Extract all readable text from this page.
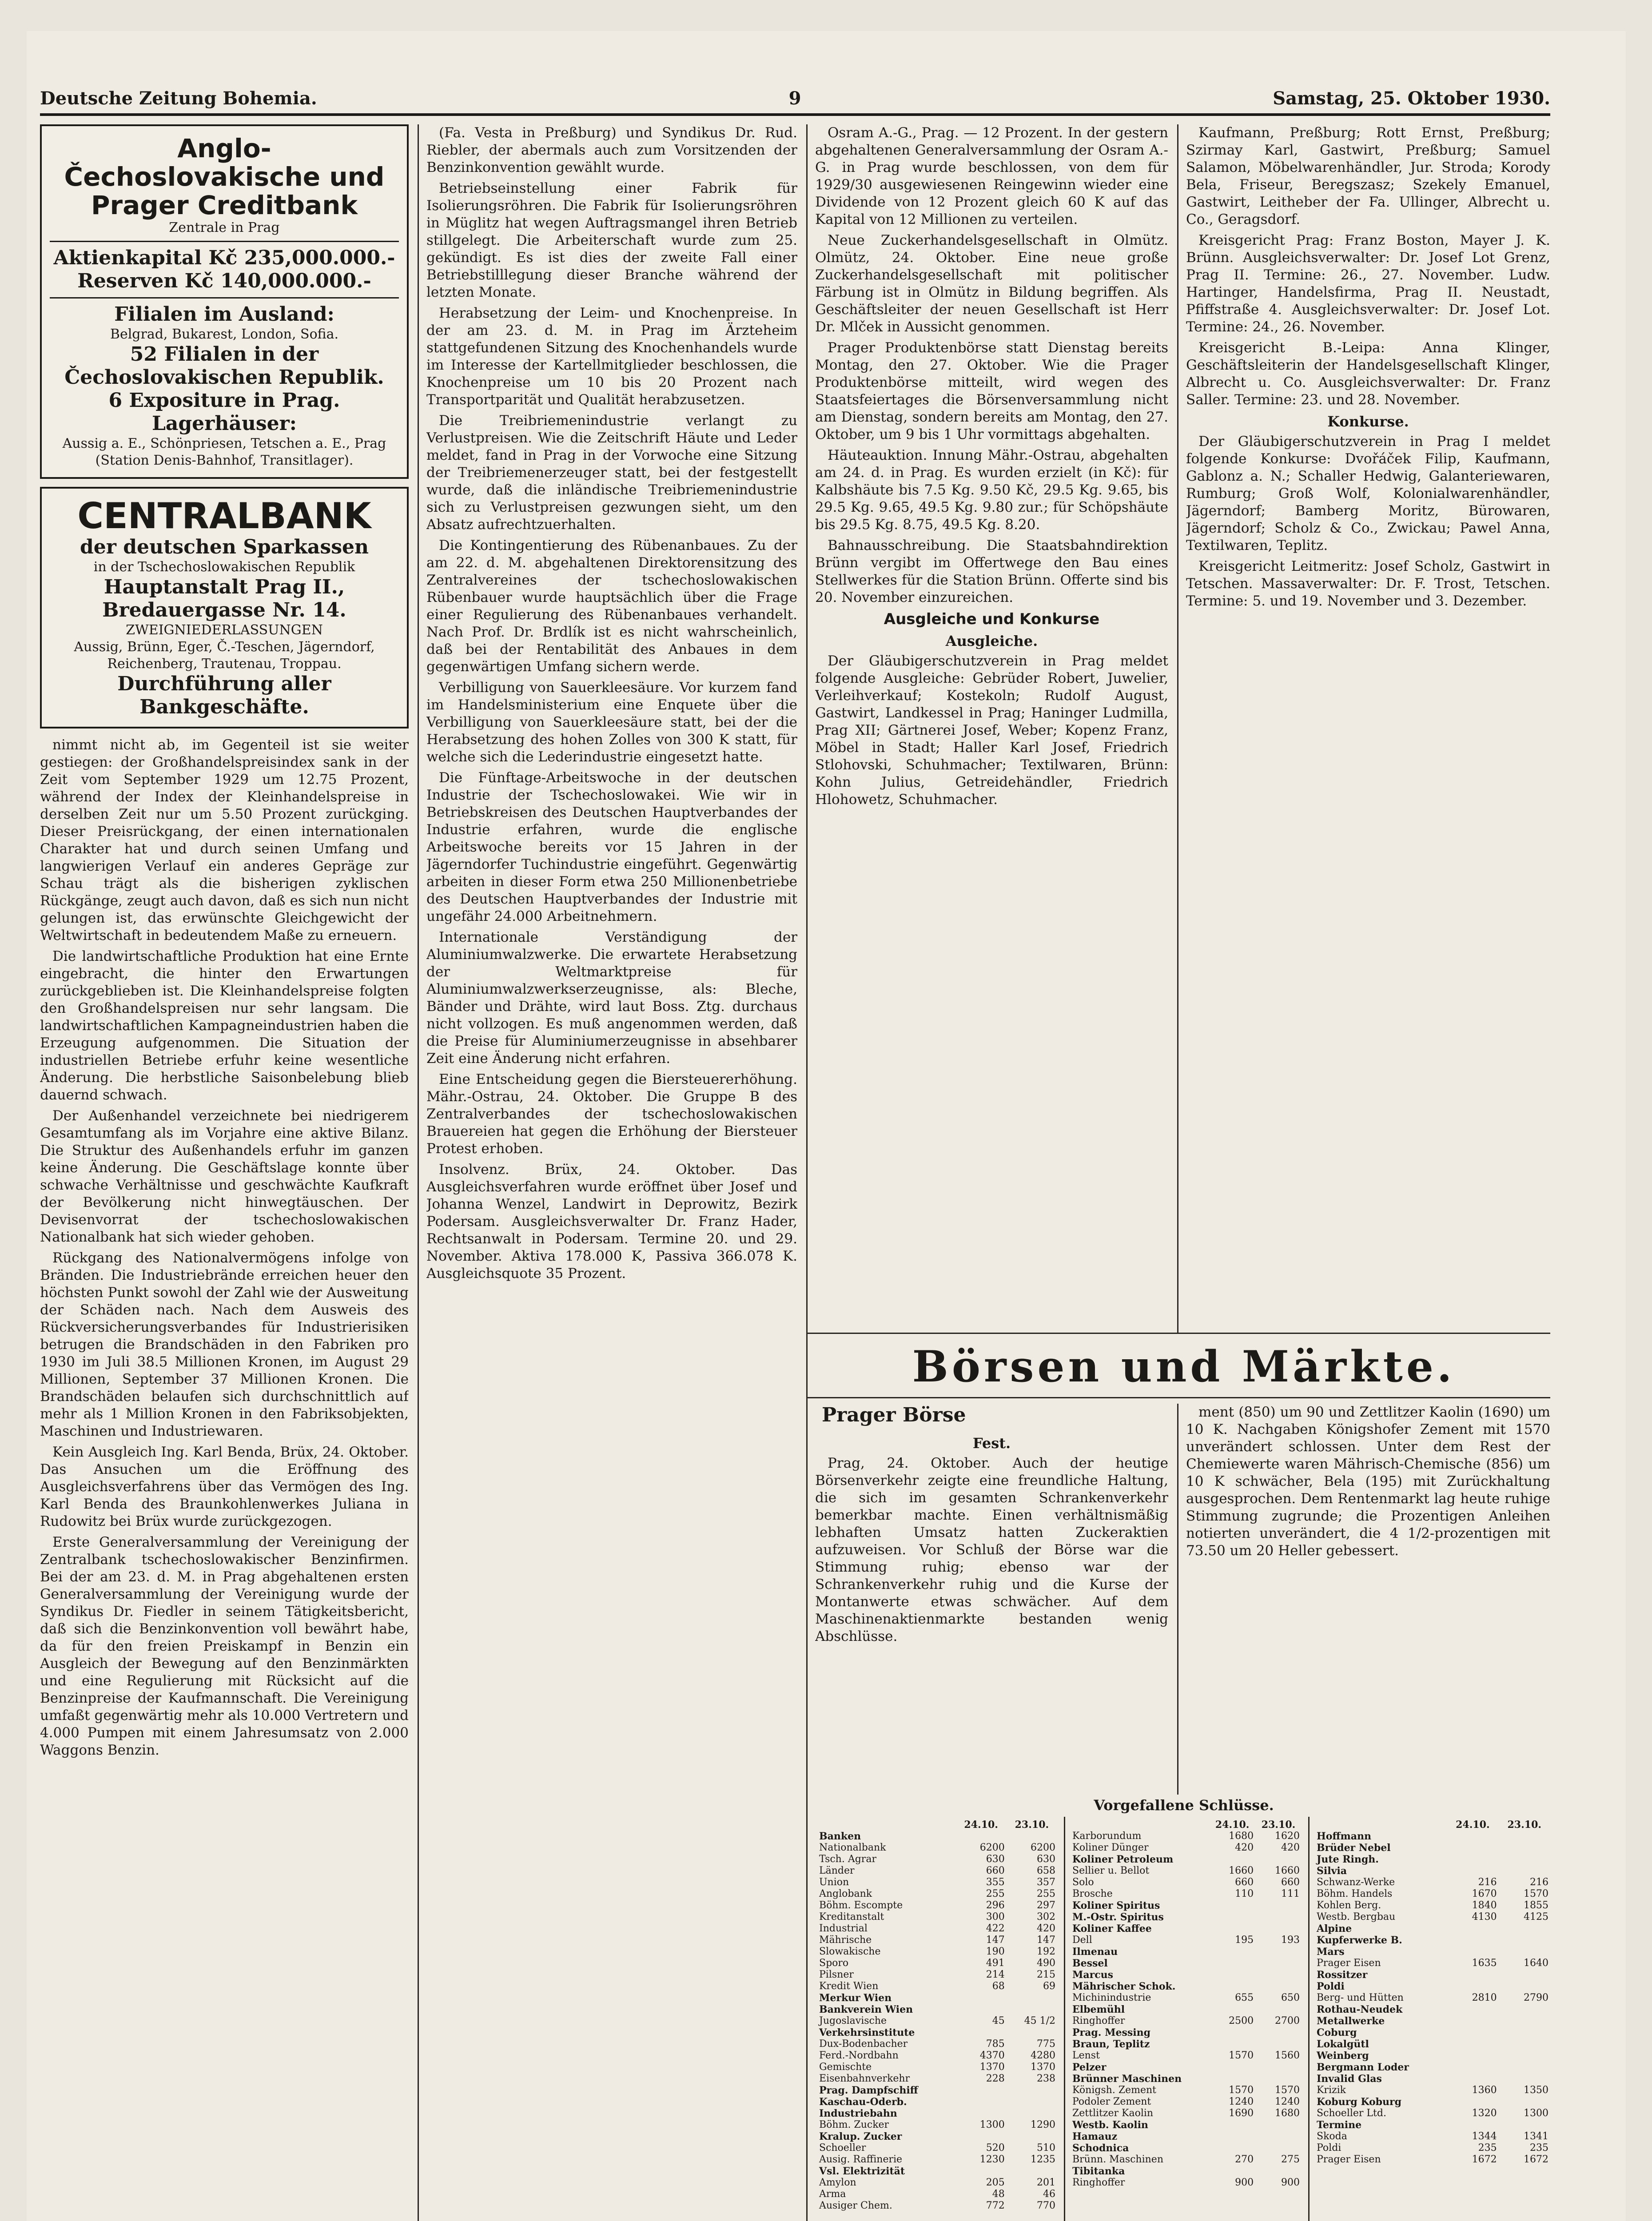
Deutsche Zeitung Bohemia.	9	Samstag, 25. Oktober 1930.
Anglo-Čechoslovakische und Prager Creditbank
Zentrale in Prag
Aktienkapital Kč 235,000.000.-
Reserven Kč 140,000.000.-
Filialen im Ausland:
Belgrad, Bukarest, London, Sofia.
52 Filialen in der Čechoslovakischen Republik.
6 Expositure in Prag.
Lagerhäuser:
Aussig a. E., Schönpriesen, Tetschen a. E., Prag (Station Denis-Bahnhof, Transitlager).
CENTRALBANK
der deutschen Sparkassen
in der Tschechoslowakischen Republik
Hauptanstalt Prag II., Bredauergasse Nr. 14.
ZWEIGNIEDERLASSUNGEN
Aussig, Brünn, Eger, Č.-Teschen, Jägerndorf, Reichenberg, Trautenau, Troppau.
Durchführung aller Bankgeschäfte.

nimmt nicht ab, im Gegenteil ist sie weiter gestiegen: der Großhandelspreisindex sank in der Zeit vom September 1929 um 12.75 Prozent, während der Index der Kleinhandelspreise in derselben Zeit nur um 5.50 Prozent zurückging. Dieser Preisrückgang, der einen internationalen Charakter hat und durch seinen Umfang und langwierigen Verlauf ein anderes Gepräge zur Schau trägt als die bisherigen zyklischen Rückgänge, zeugt auch davon, daß es sich nun nicht gelungen ist, das erwünschte Gleichgewicht der Weltwirtschaft in bedeutendem Maße zu erneuern.

Die landwirtschaftliche Produktion hat eine Ernte eingebracht, die hinter den Erwartungen zurückgeblieben ist. Die Kleinhandelspreise folgten den Großhandelspreisen nur sehr langsam. Die landwirtschaftlichen Kampagneindustrien haben die Erzeugung aufgenommen. Die Situation der industriellen Betriebe erfuhr keine wesentliche Änderung. Die herbstliche Saisonbelebung blieb dauernd schwach.

Der Außenhandel verzeichnete bei niedrigerem Gesamtumfang als im Vorjahre eine aktive Bilanz. Die Struktur des Außenhandels erfuhr im ganzen keine Änderung. Die Geschäftslage konnte über schwache Verhältnisse und geschwächte Kaufkraft der Bevölkerung nicht hinwegtäuschen. Der Devisenvorrat der tschechoslowakischen Nationalbank hat sich wieder gehoben.

Rückgang des Nationalvermögens infolge von Bränden. Die Industriebrände erreichen heuer den höchsten Punkt sowohl der Zahl wie der Ausweitung der Schäden nach. Nach dem Ausweis des Rückversicherungsverbandes für Industrierisiken betrugen die Brandschäden in den Fabriken pro 1930 im Juli 38.5 Millionen Kronen, im August 29 Millionen, September 37 Millionen Kronen. Die Brandschäden belaufen sich durchschnittlich auf mehr als 1 Million Kronen in den Fabriksobjekten, Maschinen und Industriewaren.

Kein Ausgleich Ing. Karl Benda, Brüx, 24. Oktober. Das Ansuchen um die Eröffnung des Ausgleichsverfahrens über das Vermögen des Ing. Karl Benda des Braunkohlenwerkes Juliana in Rudowitz bei Brüx wurde zurückgezogen.

Erste Generalversammlung der Vereinigung der Zentralbank tschechoslowakischer Benzinfirmen. Bei der am 23. d. M. in Prag abgehaltenen ersten Generalversammlung der Vereinigung wurde der Syndikus Dr. Fiedler in seinem Tätigkeitsbericht, daß sich die Benzinkonvention voll bewährt habe, da für den freien Preiskampf in Benzin ein Ausgleich der Bewegung auf den Benzinmärkten und eine Regulierung mit Rücksicht auf die Benzinpreise der Kaufmannschaft. Die Vereinigung umfaßt gegenwärtig mehr als 10.000 Vertretern und 4.000 Pumpen mit einem Jahresumsatz von 2.000 Waggons Benzin.

(Fa. Vesta in Preßburg) und Syndikus Dr. Rud. Riebler, der abermals auch zum Vorsitzenden der Benzinkonvention gewählt wurde.

Betriebseinstellung einer Fabrik für Isolierungsröhren. Die Fabrik für Isolierungsröhren in Müglitz hat wegen Auftragsmangel ihren Betrieb stillgelegt. Die Arbeiterschaft wurde zum 25. gekündigt. Es ist dies der zweite Fall einer Betriebstilllegung dieser Branche während der letzten Monate.

Herabsetzung der Leim- und Knochenpreise. In der am 23. d. M. in Prag im Ärzteheim stattgefundenen Sitzung des Knochenhandels wurde im Interesse der Kartellmitglieder beschlossen, die Knochenpreise um 10 bis 20 Prozent nach Transportparität und Qualität herabzusetzen.

Die Treibriemenindustrie verlangt zu Verlustpreisen. Wie die Zeitschrift Häute und Leder meldet, fand in Prag in der Vorwoche eine Sitzung der Treibriemenerzeuger statt, bei der festgestellt wurde, daß die inländische Treibriemenindustrie sich zu Verlustpreisen gezwungen sieht, um den Absatz aufrechtzuerhalten.

Die Kontingentierung des Rübenanbaues. Zu der am 22. d. M. abgehaltenen Direktorensitzung des Zentralvereines der tschechoslowakischen Rübenbauer wurde hauptsächlich über die Frage einer Regulierung des Rübenanbaues verhandelt. Nach Prof. Dr. Brdlík ist es nicht wahrscheinlich, daß bei der Rentabilität des Anbaues in dem gegenwärtigen Umfang sichern werde.

Verbilligung von Sauerkleesäure. Vor kurzem fand im Handelsministerium eine Enquete über die Verbilligung von Sauerkleesäure statt, bei der die Herabsetzung des hohen Zolles von 300 K statt, für welche sich die Lederindustrie eingesetzt hatte.

Die Fünftage-Arbeitswoche in der deutschen Industrie der Tschechoslowakei. Wie wir in Betriebskreisen des Deutschen Hauptverbandes der Industrie erfahren, wurde die englische Arbeitswoche bereits vor 15 Jahren in der Jägerndorfer Tuchindustrie eingeführt. Gegenwärtig arbeiten in dieser Form etwa 250 Millionenbetriebe des Deutschen Hauptverbandes der Industrie mit ungefähr 24.000 Arbeitnehmern.

Internationale Verständigung der Aluminiumwalzwerke. Die erwartete Herabsetzung der Weltmarktpreise für Aluminiumwalzwerkserzeugnisse, als: Bleche, Bänder und Drähte, wird laut Boss. Ztg. durchaus nicht vollzogen. Es muß angenommen werden, daß die Preise für Aluminiumerzeugnisse in absehbarer Zeit eine Änderung nicht erfahren.

Eine Entscheidung gegen die Biersteuererhöhung. Mähr.-Ostrau, 24. Oktober. Die Gruppe B des Zentralverbandes der tschechoslowakischen Brauereien hat gegen die Erhöhung der Biersteuer Protest erhoben.

Insolvenz. Brüx, 24. Oktober. Das Ausgleichsverfahren wurde eröffnet über Josef und Johanna Wenzel, Landwirt in Deprowitz, Bezirk Podersam. Ausgleichsverwalter Dr. Franz Hader, Rechtsanwalt in Podersam. Termine 20. und 29. November. Aktiva 178.000 K, Passiva 366.078 K. Ausgleichsquote 35 Prozent.

Osram A.-G., Prag. — 12 Prozent. In der gestern abgehaltenen Generalversammlung der Osram A.-G. in Prag wurde beschlossen, von dem für 1929/30 ausgewiesenen Reingewinn wieder eine Dividende von 12 Prozent gleich 60 K auf das Kapital von 12 Millionen zu verteilen.

Neue Zuckerhandelsgesellschaft in Olmütz. Olmütz, 24. Oktober. Eine neue große Zuckerhandelsgesellschaft mit politischer Färbung ist in Olmütz in Bildung begriffen. Als Geschäftsleiter der neuen Gesellschaft ist Herr Dr. Mlček in Aussicht genommen.

Prager Produktenbörse statt Dienstag bereits Montag, den 27. Oktober. Wie die Prager Produktenbörse mitteilt, wird wegen des Staatsfeiertages die Börsenversammlung nicht am Dienstag, sondern bereits am Montag, den 27. Oktober, um 9 bis 1 Uhr vormittags abgehalten.

Häuteauktion. Innung Mähr.-Ostrau, abgehalten am 24. d. in Prag. Es wurden erzielt (in Kč): für Kalbshäute bis 7.5 Kg. 9.50 Kč, 29.5 Kg. 9.65, bis 29.5 Kg. 9.65, 49.5 Kg. 9.80 zur.; für Schöpshäute bis 29.5 Kg. 8.75, 49.5 Kg. 8.20.

Bahnausschreibung. Die Staatsbahndirektion Brünn vergibt im Offertwege den Bau eines Stellwerkes für die Station Brünn. Offerte sind bis 20. November einzureichen.

Ausgleiche und Konkurse
Ausgleiche.

Der Gläubigerschutzverein in Prag meldet folgende Ausgleiche: Gebrüder Robert, Juwelier, Verleihverkauf; Kostekoln; Rudolf August, Gastwirt, Landkessel in Prag; Haninger Ludmilla, Prag XII; Gärtnerei Josef, Weber; Kopenz Franz, Möbel in Stadt; Haller Karl Josef, Friedrich Stlohovski, Schuhmacher; Textilwaren, Brünn: Kohn Julius, Getreidehändler, Friedrich Hlohowetz, Schuhmacher.

Kaufmann, Preßburg; Rott Ernst, Preßburg; Szirmay Karl, Gastwirt, Preßburg; Samuel Salamon, Möbelwarenhändler, Jur. Stroda; Korody Bela, Friseur, Beregszasz; Szekely Emanuel, Gastwirt, Leitheber der Fa. Ullinger, Albrecht u. Co., Geragsdorf.

Kreisgericht Prag: Franz Boston, Mayer J. K. Brünn. Ausgleichsverwalter: Dr. Josef Lot Grenz, Prag II. Termine: 26., 27. November. Ludw. Hartinger, Handelsfirma, Prag II. Neustadt, Pfiffstraße 4. Ausgleichsverwalter: Dr. Josef Lot. Termine: 24., 26. November.

Kreisgericht B.-Leipa: Anna Klinger, Geschäftsleiterin der Handelsgesellschaft Klinger, Albrecht u. Co. Ausgleichsverwalter: Dr. Franz Saller. Termine: 23. und 28. November.

Konkurse.

Der Gläubigerschutzverein in Prag I meldet folgende Konkurse: Dvořáček Filip, Kaufmann, Gablonz a. N.; Schaller Hedwig, Galanteriewaren, Rumburg; Groß Wolf, Kolonialwarenhändler, Jägerndorf; Bamberg Moritz, Bürowaren, Jägerndorf; Scholz & Co., Zwickau; Pawel Anna, Textilwaren, Teplitz.

Kreisgericht Leitmeritz: Josef Scholz, Gastwirt in Tetschen. Massaverwalter: Dr. F. Trost, Tetschen. Termine: 5. und 19. November und 3. Dezember.

Börsen und Märkte.
Prager Börse
Fest.

Prag, 24. Oktober. Auch der heutige Börsenverkehr zeigte eine freundliche Haltung, die sich im gesamten Schrankenverkehr bemerkbar machte. Einen verhältnismäßig lebhaften Umsatz hatten Zuckeraktien aufzuweisen. Vor Schluß der Börse war die Stimmung ruhig; ebenso war der Schrankenverkehr ruhig und die Kurse der Montanwerte etwas schwächer. Auf dem Maschinenaktienmarkte bestanden wenig Abschlüsse.

ment (850) um 90 und Zettlitzer Kaolin (1690) um 10 K. Nachgaben Königshofer Zement mit 1570 unverändert schlossen. Unter dem Rest der Chemiewerte waren Mährisch-Chemische (856) um 10 K schwächer, Bela (195) mit Zurückhaltung ausgesprochen. Dem Rentenmarkt lag heute ruhige Stimmung zugrunde; die Prozentigen Anleihen notierten unverändert, die 4 1/2-prozentigen mit 73.50 um 20 Heller gebessert.

Vorgefallene Schlüsse.
	24.10.	23.10.
Banken		
Nationalbank	6200	6200
Tsch. Agrar	630	630
Länder	660	658
Union	355	357
Anglobank	255	255
Böhm. Escompte	296	297
Kreditanstalt	300	302
Industrial	422	420
Mährische	147	147
Slowakische	190	192
Sporo	491	490
Pilsner	214	215
Kredit Wien	68	69
Merkur Wien		
Bankverein Wien		
Jugoslavische	45	45 1/2
Verkehrsinstitute		
Dux-Bodenbacher	785	775
Ferd.-Nordbahn	4370	4280
Gemischte	1370	1370
Eisenbahnverkehr	228	238
Prag. Dampfschiff		
Kaschau-Oderb.		
Industriebahn		
Böhm. Zucker	1300	1290
Kralup. Zucker		
Schoeller	520	510
Ausig. Raffinerie	1230	1235
Vsl. Elektrizität		
Amylon	205	201
Arma	48	46
Ausiger Chem.	772	770
	24.10.	23.10.
Karborundum	1680	1620
Koliner Dünger	420	420
Koliner Petroleum		
Sellier u. Bellot	1660	1660
Solo	660	660
Brosche	110	111
Koliner Spiritus		
M.-Ostr. Spiritus		
Koliner Kaffee		
Dell	195	193
Ilmenau		
Bessel		
Marcus		
Mährischer Schok.		
Michinindustrie	655	650
Elbemühl		
Ringhoffer	2500	2700
Prag. Messing		
Braun, Teplitz		
Lenst	1570	1560
Pelzer		
Brünner Maschinen		
Königsh. Zement	1570	1570
Podoler Zement	1240	1240
Zettlitzer Kaolin	1690	1680
Westb. Kaolin		
Hamauz		
Schodnica		
Brünn. Maschinen	270	275
Tibitanka		
Ringhoffer	900	900
	24.10.	23.10.
Hoffmann		
Brüder Nebel		
Jute Ringh.		
Silvia		
Schwanz-Werke	216	216
Böhm. Handels	1670	1570
Kohlen Berg.	1840	1855
Westb. Bergbau	4130	4125
Alpine		
Kupferwerke B.		
Mars		
Prager Eisen	1635	1640
Rossitzer		
Poldi		
Berg- und Hütten	2810	2790
Rothau-Neudek		
Metallwerke		
Coburg		
Lokalgütl		
Weinberg		
Bergmann Loder		
Invalid Glas		
Krizik	1360	1350
Koburg Koburg		
Schoeller Ltd.	1320	1300
Termine		
Skoda	1344	1341
Poldi	235	235
Prager Eisen	1672	1672
